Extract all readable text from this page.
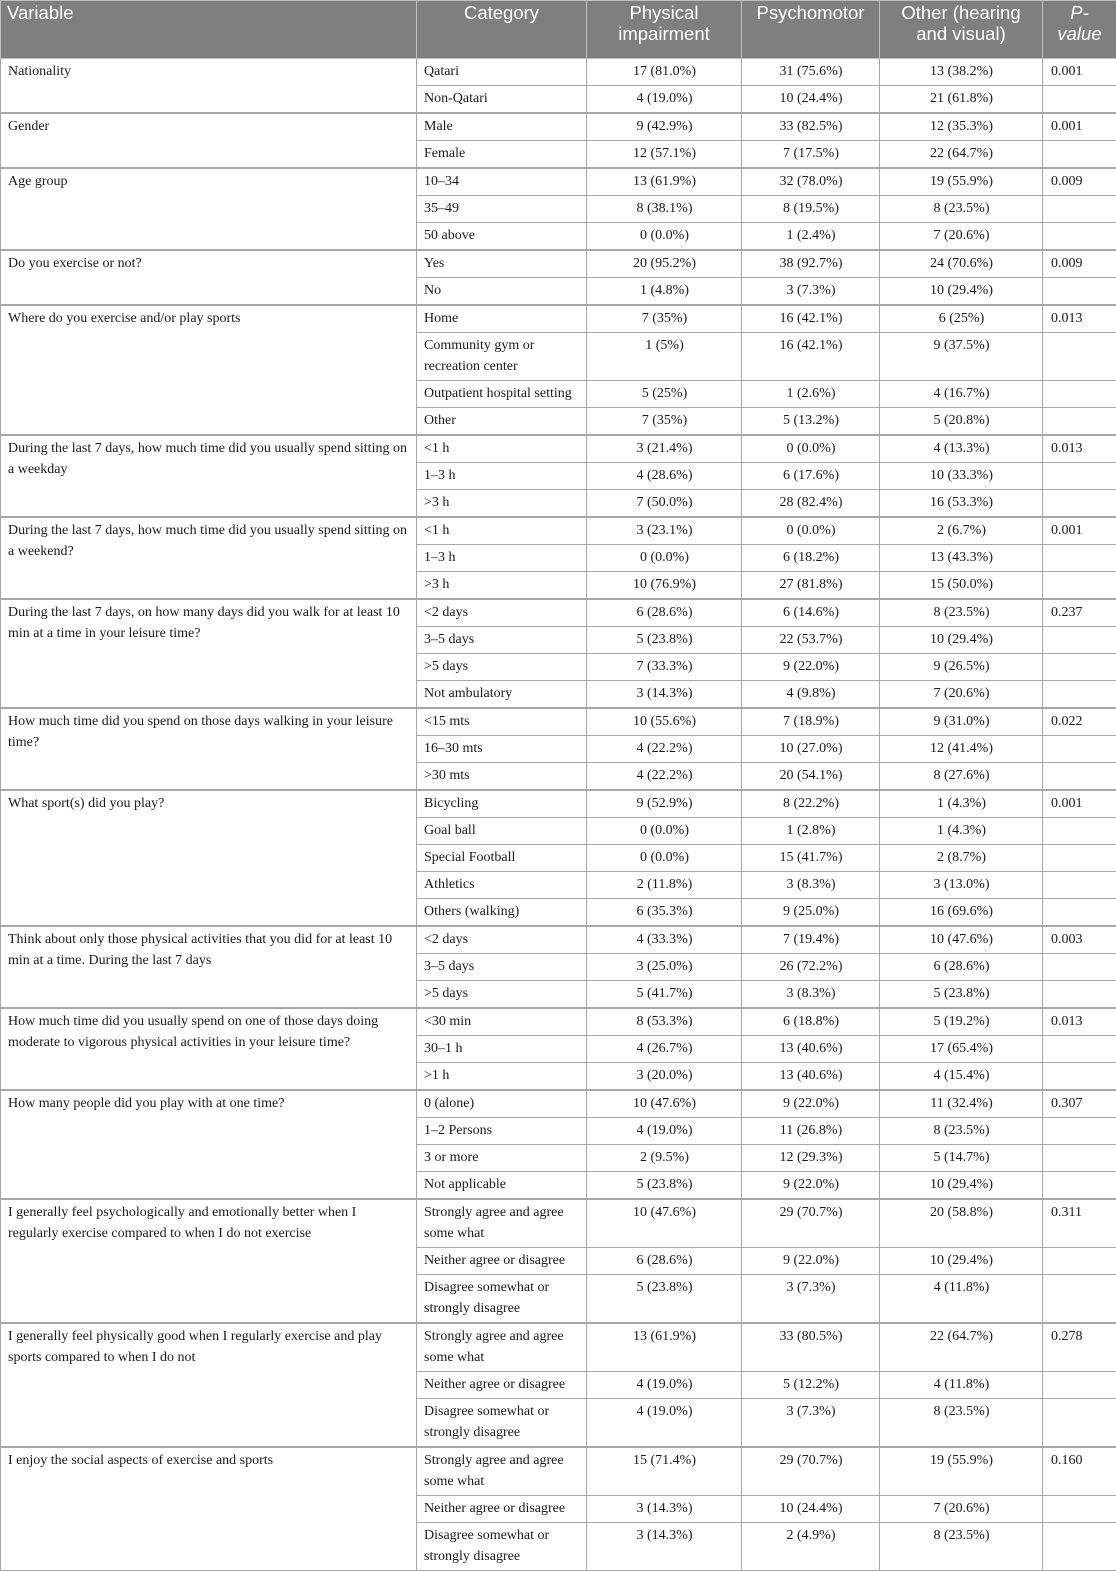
Variable	Category	Physical impairment	Psychomotor	Other (hearing and visual)	P-value
Nationality	Qatari	17 (81.0%)	31 (75.6%)	13 (38.2%)	0.001
	Non-Qatari	4 (19.0%)	10 (24.4%)	21 (61.8%)	
Gender	Male	9 (42.9%)	33 (82.5%)	12 (35.3%)	0.001
	Female	12 (57.1%)	7 (17.5%)	22 (64.7%)	
Age group	10–34	13 (61.9%)	32 (78.0%)	19 (55.9%)	0.009
	35–49	8 (38.1%)	8 (19.5%)	8 (23.5%)	
	50 above	0 (0.0%)	1 (2.4%)	7 (20.6%)	
Do you exercise or not?	Yes	20 (95.2%)	38 (92.7%)	24 (70.6%)	0.009
	No	1 (4.8%)	3 (7.3%)	10 (29.4%)	
Where do you exercise and/or play sports	Home	7 (35%)	16 (42.1%)	6 (25%)	0.013
	Community gym or recreation center	1 (5%)	16 (42.1%)	9 (37.5%)	
	Outpatient hospital setting	5 (25%)	1 (2.6%)	4 (16.7%)	
	Other	7 (35%)	5 (13.2%)	5 (20.8%)	
During the last 7 days, how much time did you usually spend sitting on a weekday	<1 h	3 (21.4%)	0 (0.0%)	4 (13.3%)	0.013
	1–3 h	4 (28.6%)	6 (17.6%)	10 (33.3%)	
	>3 h	7 (50.0%)	28 (82.4%)	16 (53.3%)	
During the last 7 days, how much time did you usually spend sitting on a weekend?	<1 h	3 (23.1%)	0 (0.0%)	2 (6.7%)	0.001
	1–3 h	0 (0.0%)	6 (18.2%)	13 (43.3%)	
	>3 h	10 (76.9%)	27 (81.8%)	15 (50.0%)	
During the last 7 days, on how many days did you walk for at least 10 min at a time in your leisure time?	<2 days	6 (28.6%)	6 (14.6%)	8 (23.5%)	0.237
	3–5 days	5 (23.8%)	22 (53.7%)	10 (29.4%)	
	>5 days	7 (33.3%)	9 (22.0%)	9 (26.5%)	
	Not ambulatory	3 (14.3%)	4 (9.8%)	7 (20.6%)	
How much time did you spend on those days walking in your leisure time?	<15 mts	10 (55.6%)	7 (18.9%)	9 (31.0%)	0.022
	16–30 mts	4 (22.2%)	10 (27.0%)	12 (41.4%)	
	>30 mts	4 (22.2%)	20 (54.1%)	8 (27.6%)	
What sport(s) did you play?	Bicycling	9 (52.9%)	8 (22.2%)	1 (4.3%)	0.001
	Goal ball	0 (0.0%)	1 (2.8%)	1 (4.3%)	
	Special Football	0 (0.0%)	15 (41.7%)	2 (8.7%)	
	Athletics	2 (11.8%)	3 (8.3%)	3 (13.0%)	
	Others (walking)	6 (35.3%)	9 (25.0%)	16 (69.6%)	
Think about only those physical activities that you did for at least 10 min at a time. During the last 7 days	<2 days	4 (33.3%)	7 (19.4%)	10 (47.6%)	0.003
	3–5 days	3 (25.0%)	26 (72.2%)	6 (28.6%)	
	>5 days	5 (41.7%)	3 (8.3%)	5 (23.8%)	
How much time did you usually spend on one of those days doing moderate to vigorous physical activities in your leisure time?	<30 min	8 (53.3%)	6 (18.8%)	5 (19.2%)	0.013
	30–1 h	4 (26.7%)	13 (40.6%)	17 (65.4%)	
	>1 h	3 (20.0%)	13 (40.6%)	4 (15.4%)	
How many people did you play with at one time?	0 (alone)	10 (47.6%)	9 (22.0%)	11 (32.4%)	0.307
	1–2 Persons	4 (19.0%)	11 (26.8%)	8 (23.5%)	
	3 or more	2 (9.5%)	12 (29.3%)	5 (14.7%)	
	Not applicable	5 (23.8%)	9 (22.0%)	10 (29.4%)	
I generally feel psychologically and emotionally better when I regularly exercise compared to when I do not exercise	Strongly agree and agree some what	10 (47.6%)	29 (70.7%)	20 (58.8%)	0.311
	Neither agree or disagree	6 (28.6%)	9 (22.0%)	10 (29.4%)	
	Disagree somewhat or strongly disagree	5 (23.8%)	3 (7.3%)	4 (11.8%)	
I generally feel physically good when I regularly exercise and play sports compared to when I do not	Strongly agree and agree some what	13 (61.9%)	33 (80.5%)	22 (64.7%)	0.278
	Neither agree or disagree	4 (19.0%)	5 (12.2%)	4 (11.8%)	
	Disagree somewhat or strongly disagree	4 (19.0%)	3 (7.3%)	8 (23.5%)	
I enjoy the social aspects of exercise and sports	Strongly agree and agree some what	15 (71.4%)	29 (70.7%)	19 (55.9%)	0.160
	Neither agree or disagree	3 (14.3%)	10 (24.4%)	7 (20.6%)	
	Disagree somewhat or strongly disagree	3 (14.3%)	2 (4.9%)	8 (23.5%)	
